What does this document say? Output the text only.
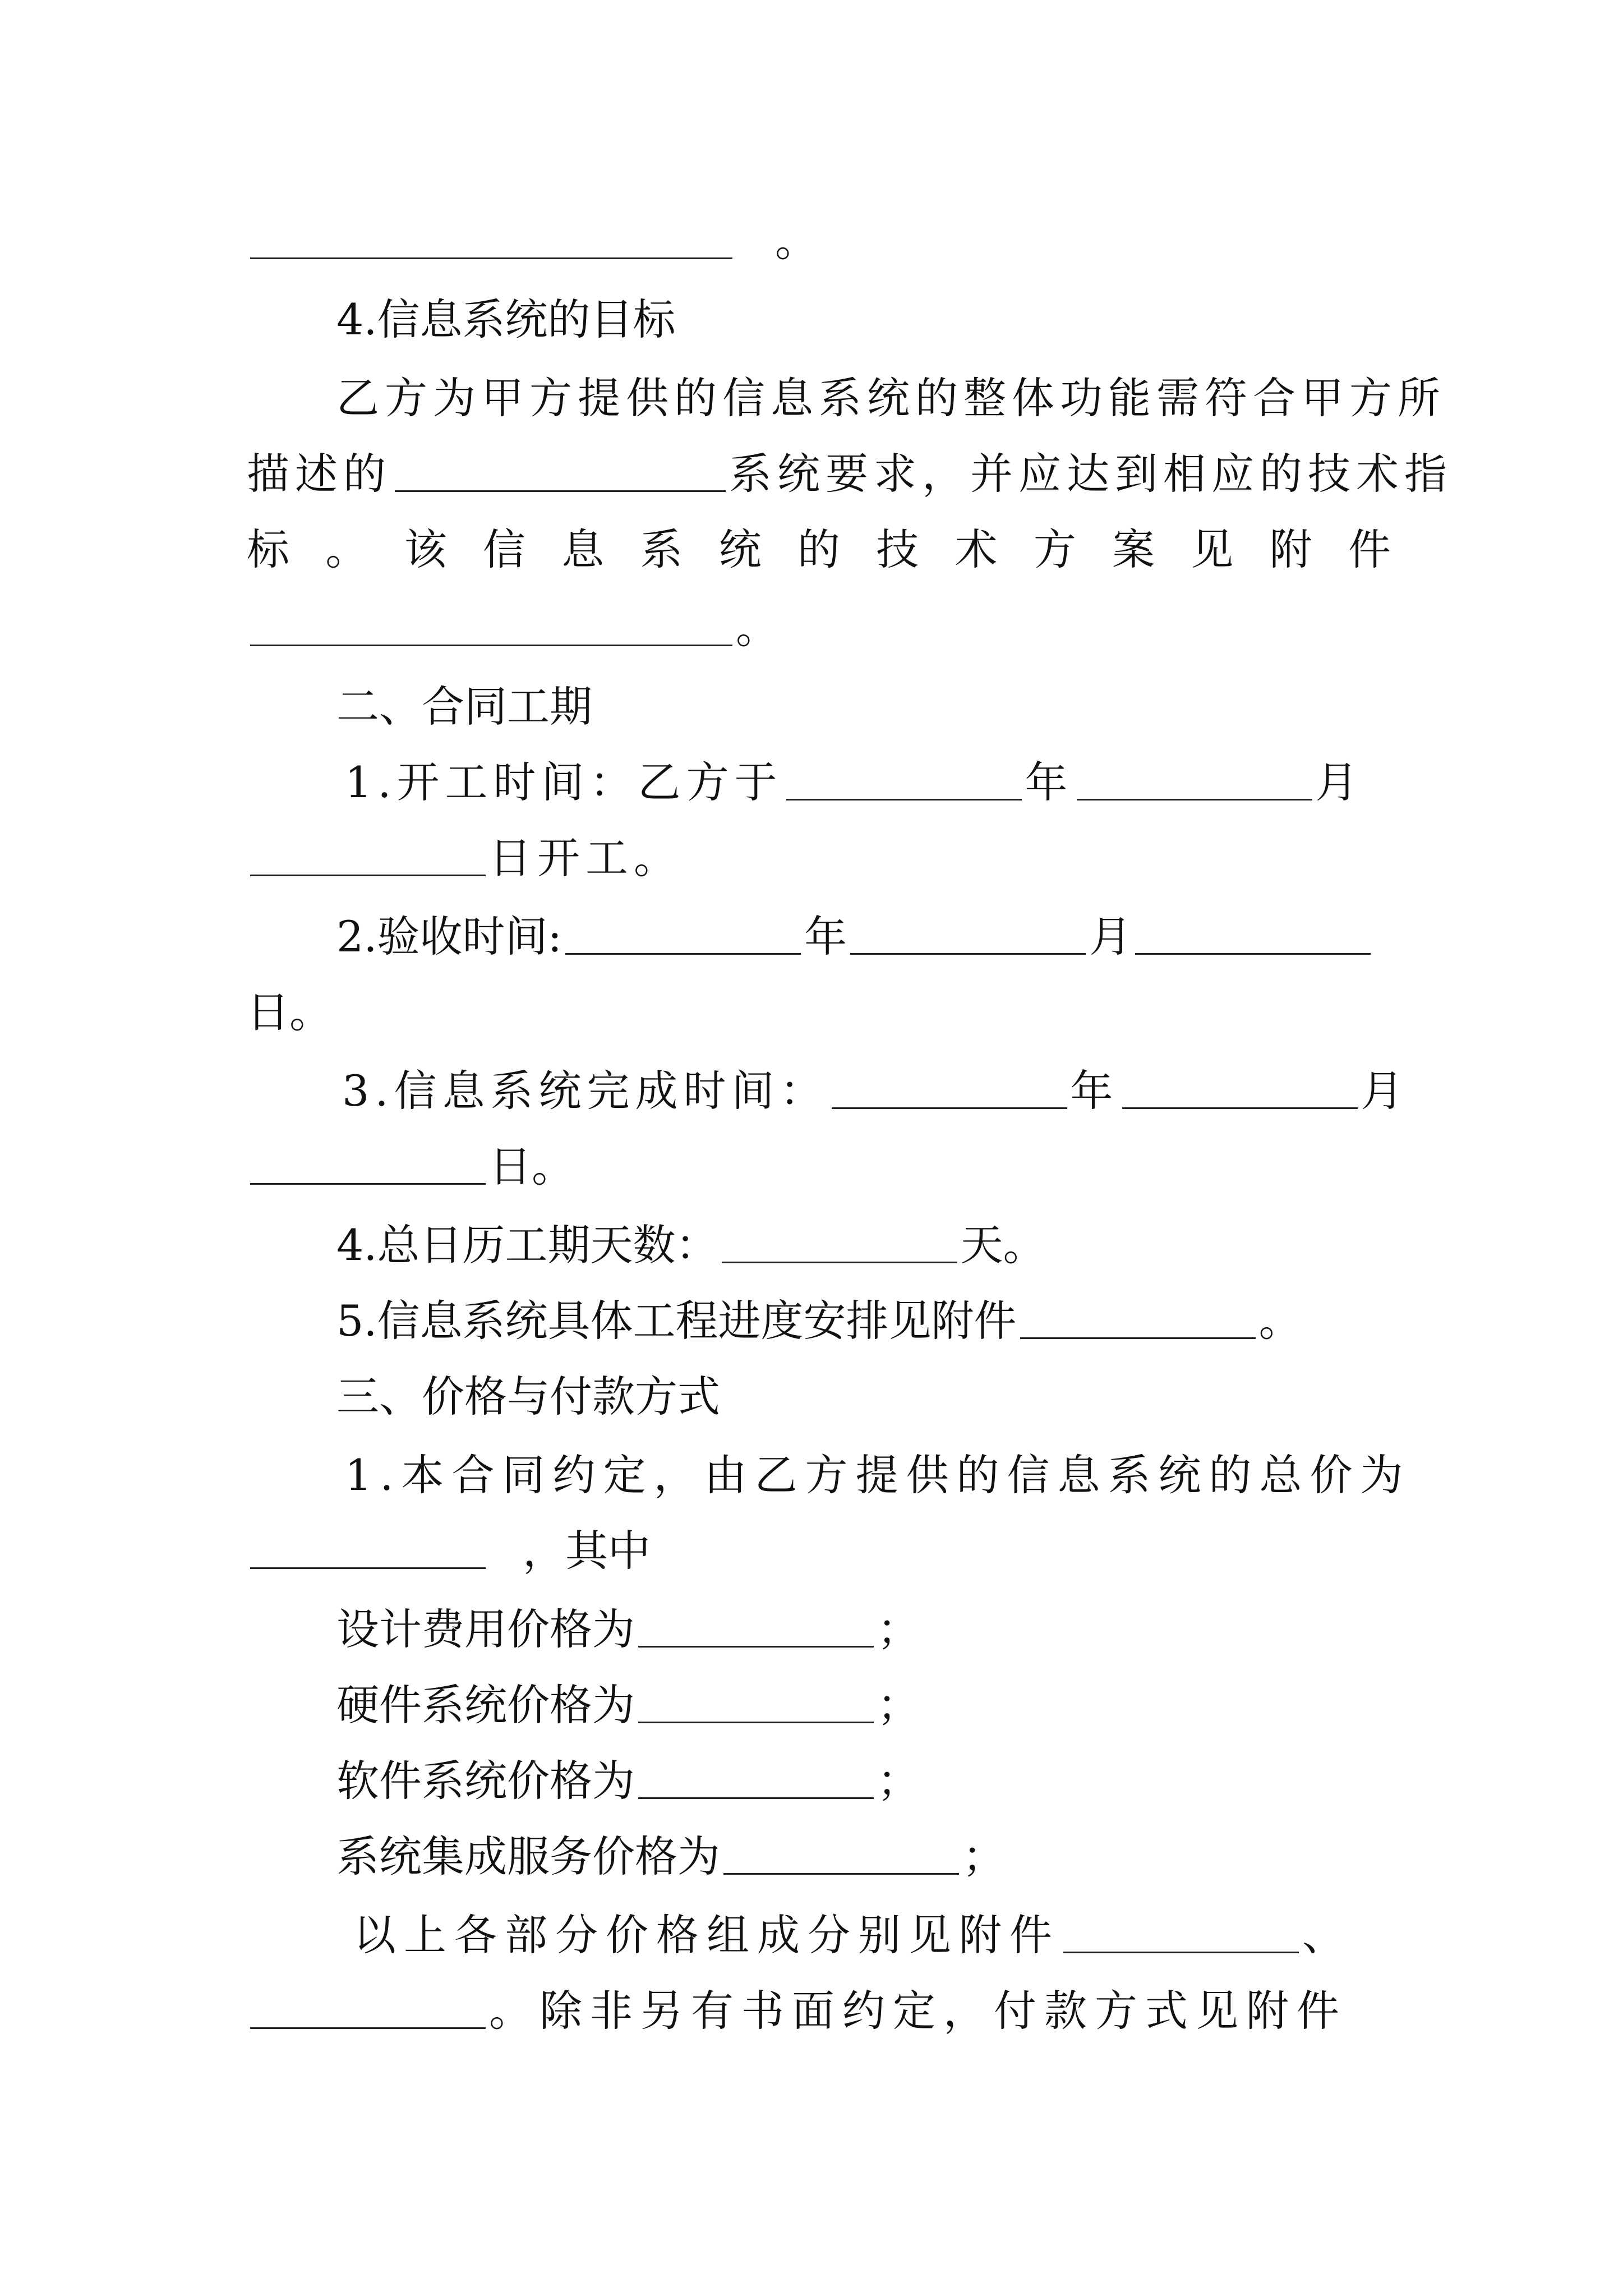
。
4.信息系统的目标
乙方为甲方提供的信息系统的整体功能需符合甲方所
描述的	系统要求，并应达到相应的技术指
标 。 该 信 息 系 统 的 技 术 方 案 见 附 件
。
二、合同工期
1.开工时间：乙方于	年	月
日开工。
2.验收时间:	年	月
日。
3.信息系统完成时间：	年	月
日。
4.总日历工期天数：	天。
5.信息系统具体工程进度安排见附件	。
三、价格与付款方式
1.本合同约定，由乙方提供的信息系统的总价为
，其中
设计费用价格为	；
硬件系统价格为	；
软件系统价格为	；
系统集成服务价格为	；
以上各部分价格组成分别见附件	、
。除非另有书面约定，付款方式见附件
